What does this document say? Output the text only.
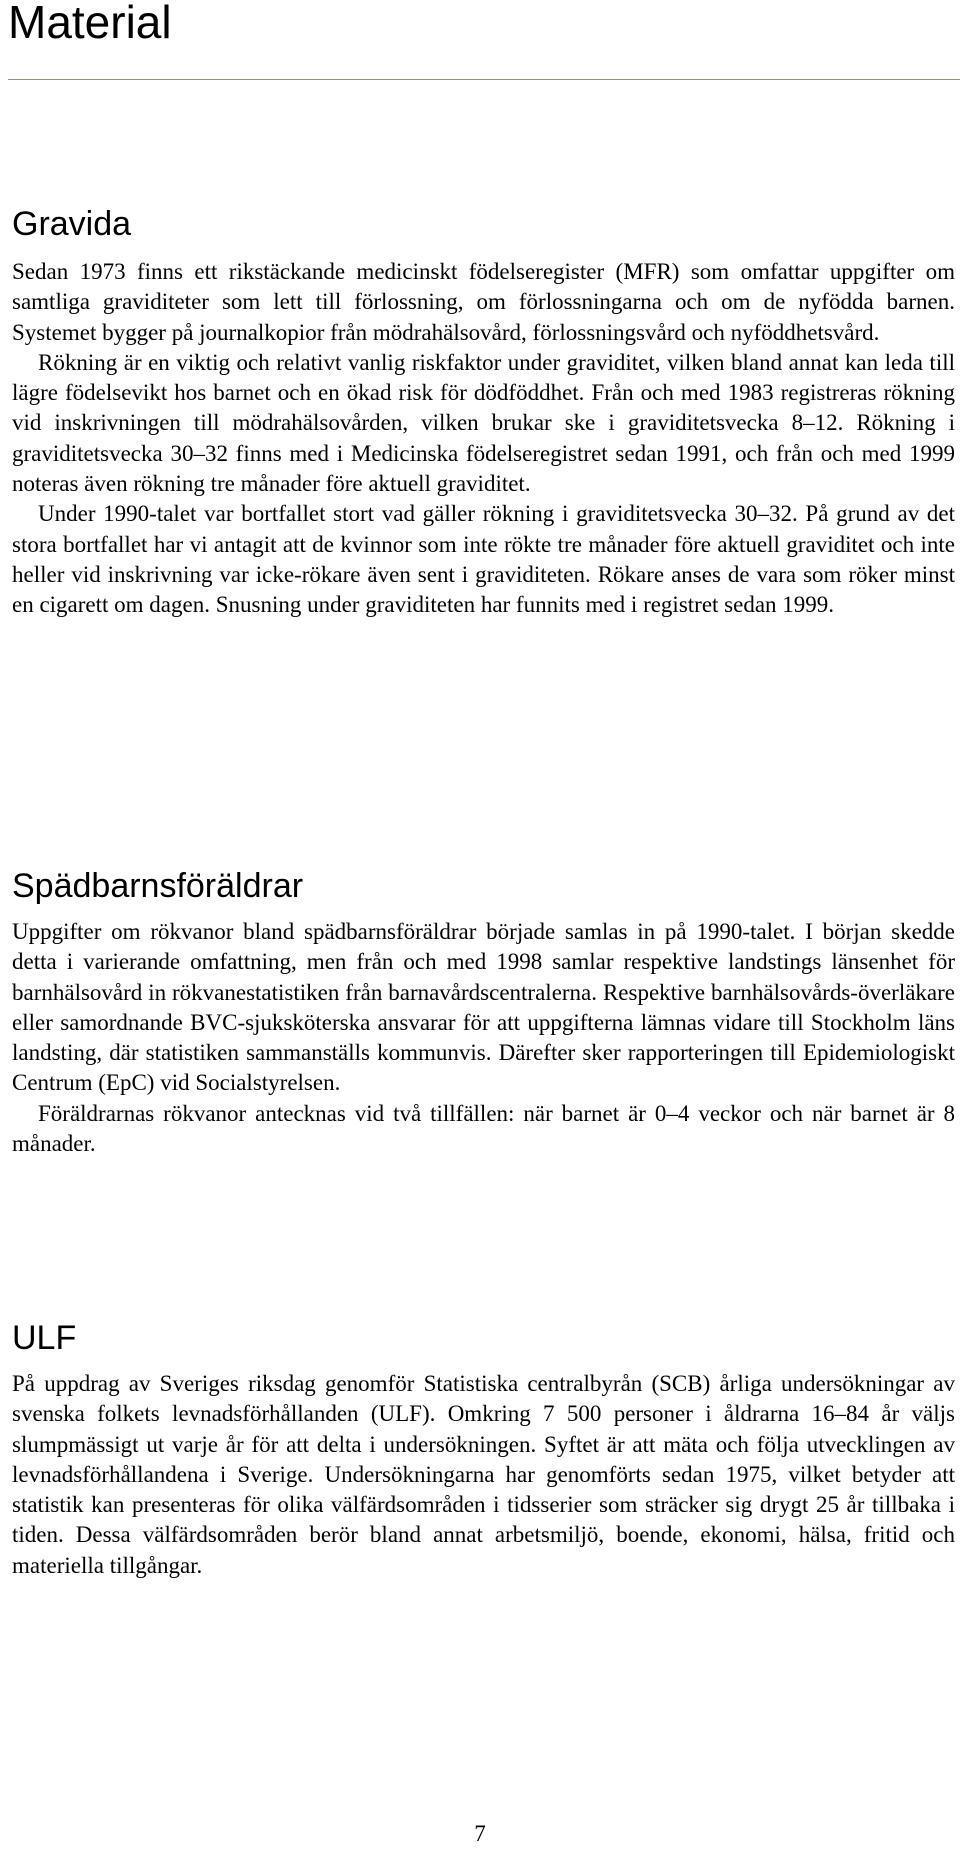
Material
Gravida

Sedan 1973 finns ett rikstäckande medicinskt födelseregister (MFR) som omfattar uppgifter om samtliga graviditeter som lett till förlossning, om förlossningarna och om de nyfödda barnen. Systemet bygger på journalkopior från mödrahälsovård, förlossningsvård och nyföddhetsvård.

Rökning är en viktig och relativt vanlig riskfaktor under graviditet, vilken bland annat kan leda till lägre födelsevikt hos barnet och en ökad risk för dödföddhet. Från och med 1983 registreras rökning vid inskrivningen till mödrahälsovården, vilken brukar ske i graviditetsvecka 8–12. Rökning i graviditetsvecka 30–32 finns med i Medicinska födelseregistret sedan 1991, och från och med 1999 noteras även rökning tre månader före aktuell graviditet.

Under 1990-talet var bortfallet stort vad gäller rökning i graviditetsvecka 30–32. På grund av det stora bortfallet har vi antagit att de kvinnor som inte rökte tre månader före aktuell graviditet och inte heller vid inskrivning var icke-rökare även sent i graviditeten. Rökare anses de vara som röker minst en cigarett om dagen. Snusning under graviditeten har funnits med i registret sedan 1999.

Spädbarnsföräldrar

Uppgifter om rökvanor bland spädbarnsföräldrar började samlas in på 1990-talet. I början skedde detta i varierande omfattning, men från och med 1998 samlar respektive landstings länsenhet för barnhälsovård in rökvanestatistiken från barnavårdscentralerna. Respektive barnhälsovårds-överläkare eller samordnande BVC-sjuksköterska ansvarar för att uppgifterna lämnas vidare till Stockholm läns landsting, där statistiken sammanställs kommunvis. Därefter sker rapporteringen till Epidemiologiskt Centrum (EpC) vid Socialstyrelsen.

Föräldrarnas rökvanor antecknas vid två tillfällen: när barnet är 0–4 veckor och när barnet är 8 månader.

ULF

På uppdrag av Sveriges riksdag genomför Statistiska centralbyrån (SCB) årliga undersökningar av svenska folkets levnadsförhållanden (ULF). Omkring 7 500 personer i åldrarna 16–84 år väljs slumpmässigt ut varje år för att delta i undersökningen. Syftet är att mäta och följa utvecklingen av levnadsförhållandena i Sverige. Undersökningarna har genomförts sedan 1975, vilket betyder att statistik kan presenteras för olika välfärdsområden i tidsserier som sträcker sig drygt 25 år tillbaka i tiden. Dessa välfärdsområden berör bland annat arbetsmiljö, boende, ekonomi, hälsa, fritid och materiella tillgångar.

7
